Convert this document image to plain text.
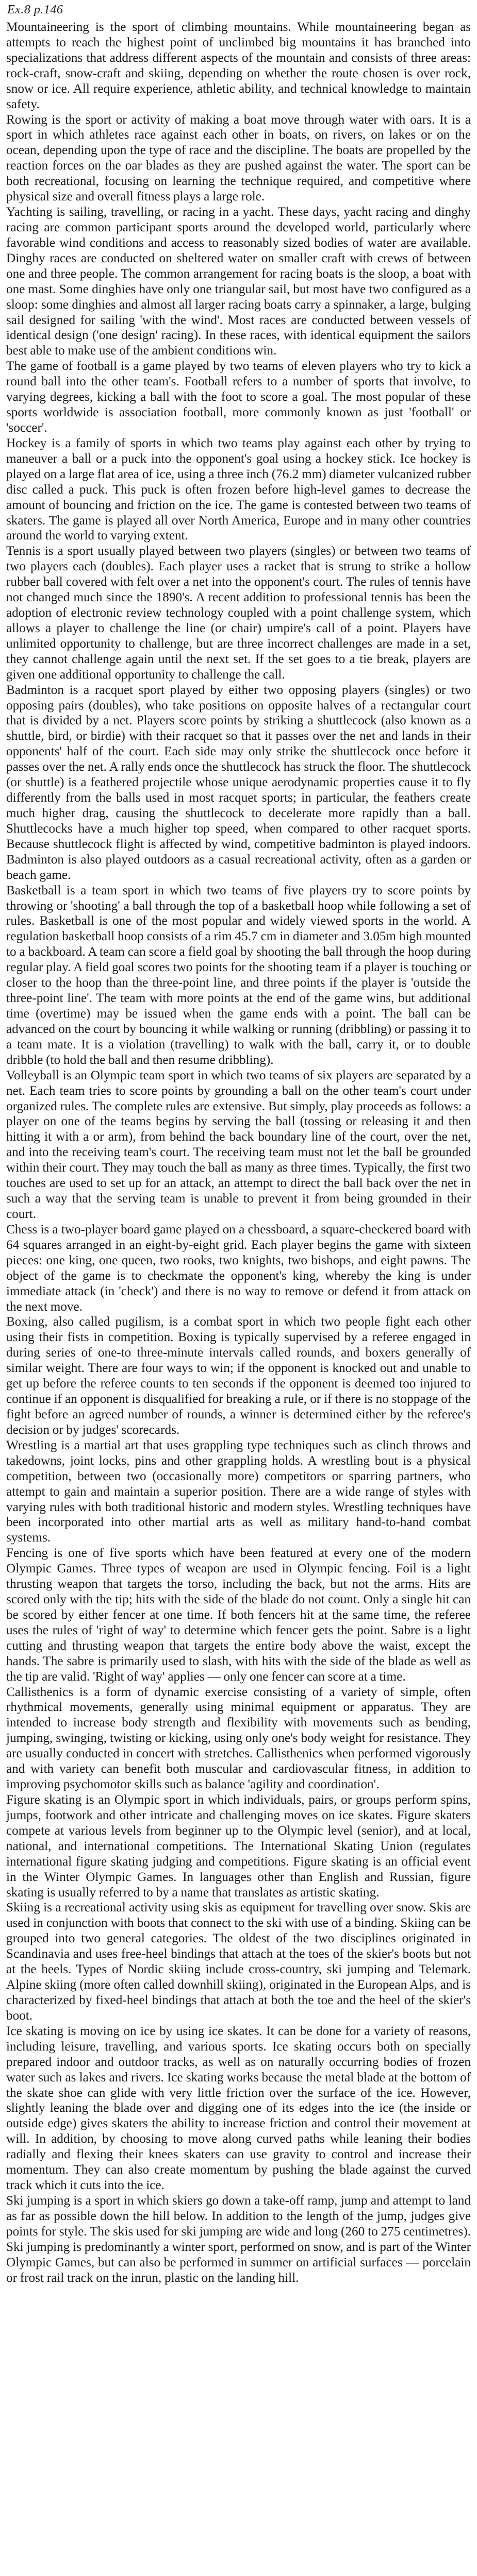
Ex.8 p.146

Mountaineering is the sport of climbing mountains. While mountaineering began as attempts to reach the highest point of unclimbed big mountains it has branched into specializations that address different aspects of the mountain and consists of three areas: rock-craft, snow-craft and skiing, depending on whether the route chosen is over rock, snow or ice. All require experience, athletic ability, and technical knowledge to maintain safety.

Rowing is the sport or activity of making a boat move through water with oars. It is a sport in which athletes race against each other in boats, on rivers, on lakes or on the ocean, depending upon the type of race and the discipline. The boats are propelled by the reaction forces on the oar blades as they are pushed against the water. The sport can be both recreational, focusing on learning the technique required, and competitive where physical size and overall fitness plays a large role.

Yachting is sailing, travelling, or racing in a yacht. These days, yacht racing and dinghy racing are common participant sports around the developed world, particularly where favorable wind conditions and access to reasonably sized bodies of water are available. Dinghy races are conducted on sheltered water on smaller craft with crews of between one and three people. The common arrangement for racing boats is the sloop, a boat with one mast. Some dinghies have only one triangular sail, but most have two configured as a sloop: some dinghies and almost all larger racing boats carry a spinnaker, a large, bulging sail designed for sailing 'with the wind'. Most races are conducted between vessels of identical design ('one design' racing). In these races, with identical equipment the sailors best able to make use of the ambient conditions win.

The game of football is a game played by two teams of eleven players who try to kick a round ball into the other team's. Football refers to a number of sports that involve, to varying degrees, kicking a ball with the foot to score a goal. The most popular of these sports worldwide is association football, more commonly known as just 'football' or 'soccer'.

Hockey is a family of sports in which two teams play against each other by trying to maneuver a ball or a puck into the opponent's goal using a hockey stick. Ice hockey is played on a large flat area of ice, using a three inch (76.2 mm) diameter vulcanized rubber disc called a puck. This puck is often frozen before high-level games to decrease the amount of bouncing and friction on the ice. The game is contested between two teams of skaters. The game is played all over North America, Europe and in many other countries around the world to varying extent.

Tennis is a sport usually played between two players (singles) or between two teams of two players each (doubles). Each player uses a racket that is strung to strike a hollow rubber ball covered with felt over a net into the opponent's court. The rules of tennis have not changed much since the 1890's. A recent addition to professional tennis has been the adoption of electronic review technology coupled with a point challenge system, which allows a player to challenge the line (or chair) umpire's call of a point. Players have unlimited opportunity to challenge, but are three incorrect challenges are made in a set, they cannot challenge again until the next set. If the set goes to a tie break, players are given one additional opportunity to challenge the call.

Badminton is a racquet sport played by either two opposing players (singles) or two opposing pairs (doubles), who take positions on opposite halves of a rectangular court that is divided by a net. Players score points by striking a shuttlecock (also known as a shuttle, bird, or birdie) with their racquet so that it passes over the net and lands in their opponents' half of the court. Each side may only strike the shuttlecock once before it passes over the net. A rally ends once the shuttlecock has struck the floor. The shuttlecock (or shuttle) is a feathered projectile whose unique aerodynamic properties cause it to fly differently from the balls used in most racquet sports; in particular, the feathers create much higher drag, causing the shuttlecock to decelerate more rapidly than a ball. Shuttlecocks have a much higher top speed, when compared to other racquet sports. Because shuttlecock flight is affected by wind, competitive badminton is played indoors. Badminton is also played outdoors as a casual recreational activity, often as a garden or beach game.

Basketball is a team sport in which two teams of five players try to score points by throwing or 'shooting' a ball through the top of a basketball hoop while following a set of rules. Basketball is one of the most popular and widely viewed sports in the world. A regulation basketball hoop consists of a rim 45.7 cm in diameter and 3.05m high mounted to a backboard. A team can score a field goal by shooting the ball through the hoop during regular play. A field goal scores two points for the shooting team if a player is touching or closer to the hoop than the three-point line, and three points if the player is 'outside the three-point line'. The team with more points at the end of the game wins, but additional time (overtime) may be issued when the game ends with a point. The ball can be advanced on the court by bouncing it while walking or running (dribbling) or passing it to a team mate. It is a violation (travelling) to walk with the ball, carry it, or to double dribble (to hold the ball and then resume dribbling).

Volleyball is an Olympic team sport in which two teams of six players are separated by a net. Each team tries to score points by grounding a ball on the other team's court under organized rules. The complete rules are extensive. But simply, play proceeds as follows: a player on one of the teams begins by serving the ball (tossing or releasing it and then hitting it with a or arm), from behind the back boundary line of the court, over the net, and into the receiving team's court. The receiving team must not let the ball be grounded within their court. They may touch the ball as many as three times. Typically, the first two touches are used to set up for an attack, an attempt to direct the ball back over the net in such a way that the serving team is unable to prevent it from being grounded in their court.

Chess is a two-player board game played on a chessboard, a square-checkered board with 64 squares arranged in an eight-by-eight grid. Each player begins the game with sixteen pieces: one king, one queen, two rooks, two knights, two bishops, and eight pawns. The object of the game is to checkmate the opponent's king, whereby the king is under immediate attack (in 'check') and there is no way to remove or defend it from attack on the next move.

Boxing, also called pugilism, is a combat sport in which two people fight each other using their fists in competition. Boxing is typically supervised by a referee engaged in during series of one-to three-minute intervals called rounds, and boxers generally of similar weight. There are four ways to win; if the opponent is knocked out and unable to get up before the referee counts to ten seconds if the opponent is deemed too injured to continue if an opponent is disqualified for breaking a rule, or if there is no stoppage of the fight before an agreed number of rounds, a winner is determined either by the referee's decision or by judges' scorecards.

Wrestling is a martial art that uses grappling type techniques such as clinch throws and takedowns, joint locks, pins and other grappling holds. A wrestling bout is a physical competition, between two (occasionally more) competitors or sparring partners, who attempt to gain and maintain a superior position. There are a wide range of styles with varying rules with both traditional historic and modern styles. Wrestling techniques have been incorporated into other martial arts as well as military hand-to-hand combat systems.

Fencing is one of five sports which have been featured at every one of the modern Olympic Games. Three types of weapon are used in Olympic fencing. Foil is a light thrusting weapon that targets the torso, including the back, but not the arms. Hits are scored only with the tip; hits with the side of the blade do not count. Only a single hit can be scored by either fencer at one time. If both fencers hit at the same time, the referee uses the rules of 'right of way' to determine which fencer gets the point. Sabre is a light cutting and thrusting weapon that targets the entire body above the waist, except the hands. The sabre is primarily used to slash, with hits with the side of the blade as well as the tip are valid. 'Right of way' applies — only one fencer can score at a time.

Callisthenics is a form of dynamic exercise consisting of a variety of simple, often rhythmical movements, generally using minimal equipment or apparatus. They are intended to increase body strength and flexibility with movements such as bending, jumping, swinging, twisting or kicking, using only one's body weight for resistance. They are usually conducted in concert with stretches. Callisthenics when performed vigorously and with variety can benefit both muscular and cardiovascular fitness, in addition to improving psychomotor skills such as balance 'agility and coordination'.

Figure skating is an Olympic sport in which individuals, pairs, or groups perform spins, jumps, footwork and other intricate and challenging moves on ice skates. Figure skaters compete at various levels from beginner up to the Olympic level (senior), and at local, national, and international competitions. The International Skating Union (regulates international figure skating judging and competitions. Figure skating is an official event in the Winter Olympic Games. In languages other than English and Russian, figure skating is usually referred to by a name that translates as artistic skating.

Skiing is a recreational activity using skis as equipment for travelling over snow. Skis are used in conjunction with boots that connect to the ski with use of a binding. Skiing can be grouped into two general categories. The oldest of the two disciplines originated in Scandinavia and uses free-heel bindings that attach at the toes of the skier's boots but not at the heels. Types of Nordic skiing include cross-country, ski jumping and Telemark. Alpine skiing (more often called downhill skiing), originated in the European Alps, and is characterized by fixed-heel bindings that attach at both the toe and the heel of the skier's boot.

Ice skating is moving on ice by using ice skates. It can be done for a variety of reasons, including leisure, travelling, and various sports. Ice skating occurs both on specially prepared indoor and outdoor tracks, as well as on naturally occurring bodies of frozen water such as lakes and rivers. Ice skating works because the metal blade at the bottom of the skate shoe can glide with very little friction over the surface of the ice. However, slightly leaning the blade over and digging one of its edges into the ice (the inside or outside edge) gives skaters the ability to increase friction and control their movement at will. In addition, by choosing to move along curved paths while leaning their bodies radially and flexing their knees skaters can use gravity to control and increase their momentum. They can also create momentum by pushing the blade against the curved track which it cuts into the ice.

Ski jumping is a sport in which skiers go down a take-off ramp, jump and attempt to land as far as possible down the hill below. In addition to the length of the jump, judges give points for style. The skis used for ski jumping are wide and long (260 to 275 centimetres). Ski jumping is predominantly a winter sport, performed on snow, and is part of the Winter Olympic Games, but can also be performed in summer on artificial surfaces — porcelain or frost rail track on the inrun, plastic on the landing hill.
